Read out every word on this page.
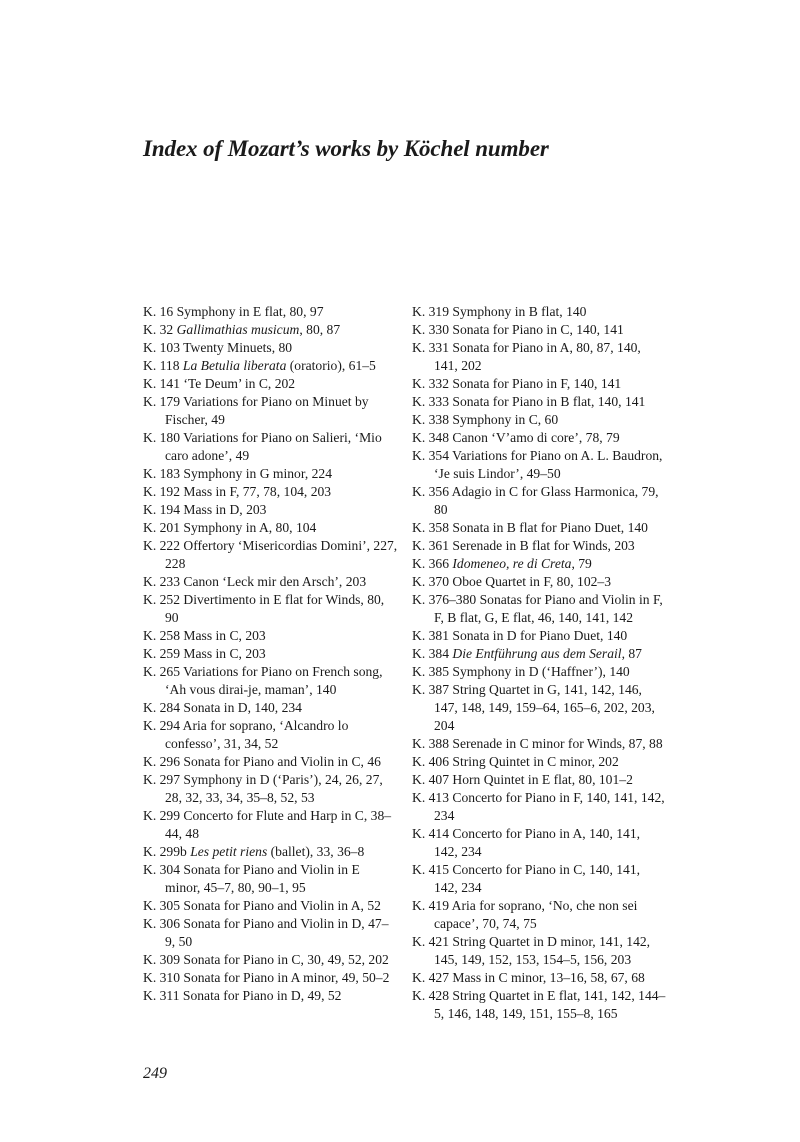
Index of Mozart’s works by Köchel number

K. 16 Symphony in E flat, 80, 97

K. 32 Gallimathias musicum, 80, 87

K. 103 Twenty Minuets, 80

K. 118 La Betulia liberata (oratorio), 61–5

K. 141 ‘Te Deum’ in C, 202

K. 179 Variations for Piano on Minuet by Fischer, 49

K. 180 Variations for Piano on Salieri, ‘Mio caro adone’, 49

K. 183 Symphony in G minor, 224

K. 192 Mass in F, 77, 78, 104, 203

K. 194 Mass in D, 203

K. 201 Symphony in A, 80, 104

K. 222 Offertory ‘Misericordias Domini’, 227, 228

K. 233 Canon ‘Leck mir den Arsch’, 203

K. 252 Divertimento in E flat for Winds, 80, 90

K. 258 Mass in C, 203

K. 259 Mass in C, 203

K. 265 Variations for Piano on French song, ‘Ah vous dirai-je, maman’, 140

K. 284 Sonata in D, 140, 234

K. 294 Aria for soprano, ‘Alcandro lo confesso’, 31, 34, 52

K. 296 Sonata for Piano and Violin in C, 46

K. 297 Symphony in D (‘Paris’), 24, 26, 27, 28, 32, 33, 34, 35–8, 52, 53

K. 299 Concerto for Flute and Harp in C, 38–44, 48

K. 299b Les petit riens (ballet), 33, 36–8

K. 304 Sonata for Piano and Violin in E minor, 45–7, 80, 90–1, 95

K. 305 Sonata for Piano and Violin in A, 52

K. 306 Sonata for Piano and Violin in D, 47–9, 50

K. 309 Sonata for Piano in C, 30, 49, 52, 202

K. 310 Sonata for Piano in A minor, 49, 50–2

K. 311 Sonata for Piano in D, 49, 52

K. 319 Symphony in B flat, 140

K. 330 Sonata for Piano in C, 140, 141

K. 331 Sonata for Piano in A, 80, 87, 140, 141, 202

K. 332 Sonata for Piano in F, 140, 141

K. 333 Sonata for Piano in B flat, 140, 141

K. 338 Symphony in C, 60

K. 348 Canon ‘V’amo di core’, 78, 79

K. 354 Variations for Piano on A. L. Baudron, ‘Je suis Lindor’, 49–50

K. 356 Adagio in C for Glass Harmonica, 79, 80

K. 358 Sonata in B flat for Piano Duet, 140

K. 361 Serenade in B flat for Winds, 203

K. 366 Idomeneo, re di Creta, 79

K. 370 Oboe Quartet in F, 80, 102–3

K. 376–380 Sonatas for Piano and Violin in F, F, B flat, G, E flat, 46, 140, 141, 142

K. 381 Sonata in D for Piano Duet, 140

K. 384 Die Entführung aus dem Serail, 87

K. 385 Symphony in D (‘Haffner’), 140

K. 387 String Quartet in G, 141, 142, 146, 147, 148, 149, 159–64, 165–6, 202, 203, 204

K. 388 Serenade in C minor for Winds, 87, 88

K. 406 String Quintet in C minor, 202

K. 407 Horn Quintet in E flat, 80, 101–2

K. 413 Concerto for Piano in F, 140, 141, 142, 234

K. 414 Concerto for Piano in A, 140, 141, 142, 234

K. 415 Concerto for Piano in C, 140, 141, 142, 234

K. 419 Aria for soprano, ‘No, che non sei capace’, 70, 74, 75

K. 421 String Quartet in D minor, 141, 142, 145, 149, 152, 153, 154–5, 156, 203

K. 427 Mass in C minor, 13–16, 58, 67, 68

K. 428 String Quartet in E flat, 141, 142, 144–5, 146, 148, 149, 151, 155–8, 165

249
